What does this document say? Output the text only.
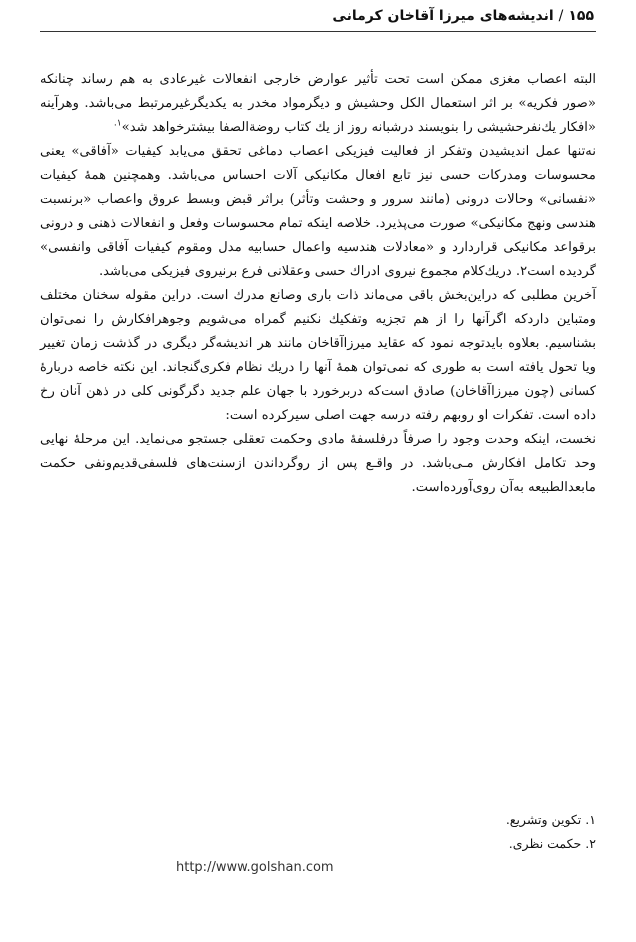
۱۵۵/اندیشه‌های میرزا آقاخان کرمانی

البته اعصاب مغزی ممکن است تحت تأثیر عوارض خارجی انفعالات غیرعادی به هم رساند چنانکه «صور فکریه» بر اثر استعمال الکل وحشیش و دیگرمواد مخدر به یکدیگرغیرمرتبط می‌باشد. وهرآینه «افکار یك‌نفرحشیشی را بنویسند درشبانه روز از یك کتاب روضة‌الصفا بیشترخواهد شد»$^{۱.}$

نه‌تنها عمل اندیشیدن وتفکر از فعالیت فیزیکی اعصاب دماغی تحقق می‌یابد کیفیات «آفاقی» یعنی محسوسات ومدرکات حسی نیز تابع افعال مکانیکی آلات احساس می‌باشد. وهمچنین همهٔ کیفیات «نفسانی» وحالات درونی (مانند سرور و وحشت وتأثر) براثر قبض وبسط عروق واعصاب «برنسبت هندسی ونهج مکانیکی» صورت می‌پذیرد. خلاصه اینکه تمام محسوسات وفعل و انفعالات ذهنی و درونی برقواعد مکانیکی قراردارد و «معادلات هندسیه واعمال حسابیه مدل ومقوم کیفیات آفاقی وانفسی» گردیده است۲. دریك‌کلام مجموع نیروی ادراك حسی وعقلانی فرع برنیروی فیزیکی می‌باشد.

آخرین مطلبی که دراین‌بخش باقی می‌ماند ذات باری وصانع مدرك است. دراین مقوله سخنان مختلف ومتباین داردکه اگرآنها را از هم تجزیه وتفکیك نکنیم گمراه می‌شویم وجوهرافکارش را نمی‌توان بشناسیم. بعلاوه بایدتوجه نمود که عقاید میرزاآقاخان مانند هر اندیشه‌گر دیگری در گذشت زمان تغییر ویا تحول یافته است به طوری که نمی‌توان همهٔ آنها را دریك نظام فکری‌گنجاند. این نکته خاصه دربارهٔ کسانی (چون میرزاآقاخان) صادق است‌که دربرخورد با جهان علم جدید دگرگونی کلی در ذهن آنان رخ داده است. تفکرات او روبهم رفته درسه جهت اصلی سیرکرده است:

نخست، اینکه وحدت وجود را صرفاً درفلسفهٔ مادی وحکمت تعقلی جستجو می‌نماید. این مرحلهٔ نهایی وحد تکامل افکارش مـی‌باشد. در واقـع پس از رو‌گرداندن ازسنت‌های فلسفی‌قدیم‌ونفی حکمت مابعدالطبیعه به‌آن روی‌آورده‌است.

۱.تکوین وتشریع.

۲.حکمت نظری.

http://www.golshan.com
